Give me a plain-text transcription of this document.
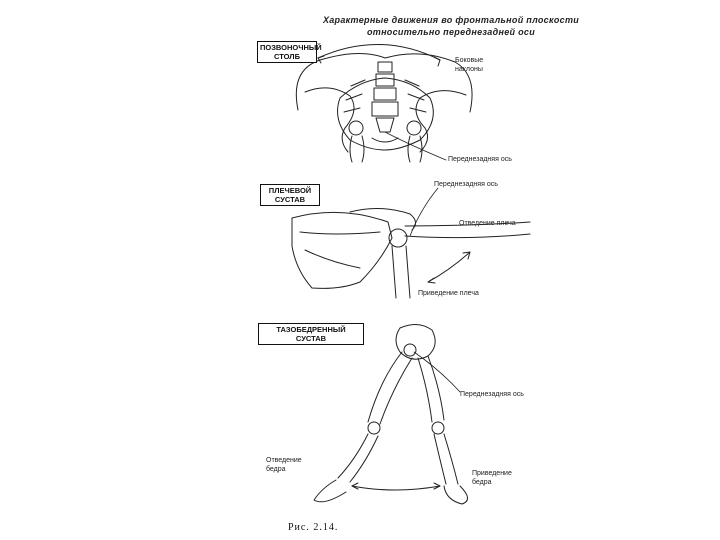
Характерные движения во фронтальной плоскости относительно переднезадней оси
ПОЗВОНОЧНЫЙ СТОЛБ
ПЛЕЧЕВОЙ СУСТАВ
ТАЗОБЕДРЕННЫЙ СУСТАВ
Боковые наклоны
Переднезадняя ось
Переднезадняя ось
Отведение плеча
Приведение плеча
Переднезадняя ось
Отведение бедра
Приведение бедра
Рис. 2.14.
